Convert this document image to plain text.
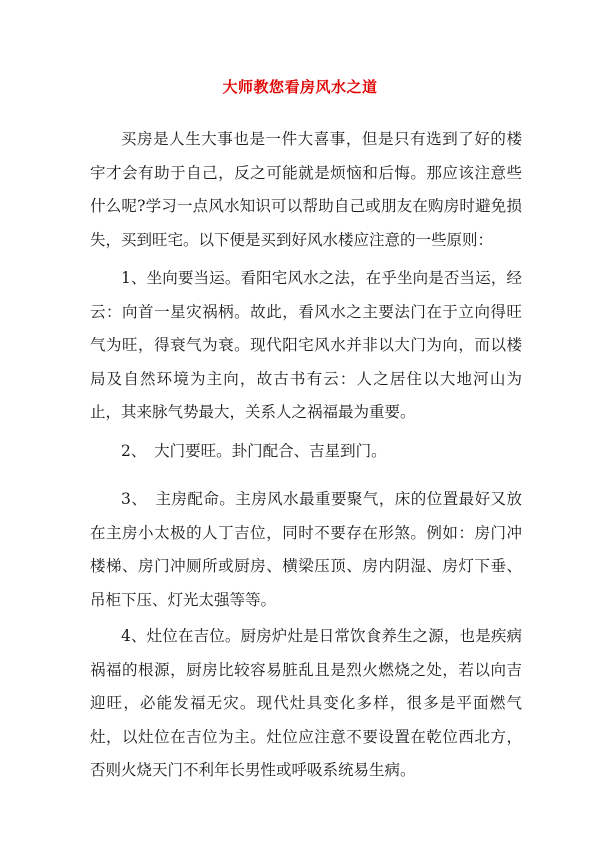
大师教您看房风水之道

买房是人生大事也是一件大喜事，但是只有选到了好的楼宇才会有助于自己，反之可能就是烦恼和后悔。那应该注意些什么呢?学习一点风水知识可以帮助自己或朋友在购房时避免损失，买到旺宅。以下便是买到好风水楼应注意的一些原则：

1、坐向要当运。看阳宅风水之法，在乎坐向是否当运，经云：向首一星灾祸柄。故此，看风水之主要法门在于立向得旺气为旺，得衰气为衰。现代阳宅风水并非以大门为向，而以楼局及自然环境为主向，故古书有云：人之居住以大地河山为止，其来脉气势最大，关系人之祸福最为重要。

2、　大门要旺。卦门配合、吉星到门。

3、　主房配命。主房风水最重要聚气，床的位置最好又放在主房小太极的人丁吉位，同时不要存在形煞。例如：房门冲楼梯、房门冲厕所或厨房、横梁压顶、房内阴湿、房灯下垂、吊柜下压、灯光太强等等。

4、灶位在吉位。厨房炉灶是日常饮食养生之源，也是疾病祸福的根源，厨房比较容易脏乱且是烈火燃烧之处，若以向吉迎旺，必能发福无灾。现代灶具变化多样，很多是平面燃气灶，以灶位在吉位为主。灶位应注意不要设置在乾位西北方，否则火烧天门不利年长男性或呼吸系统易生病。
